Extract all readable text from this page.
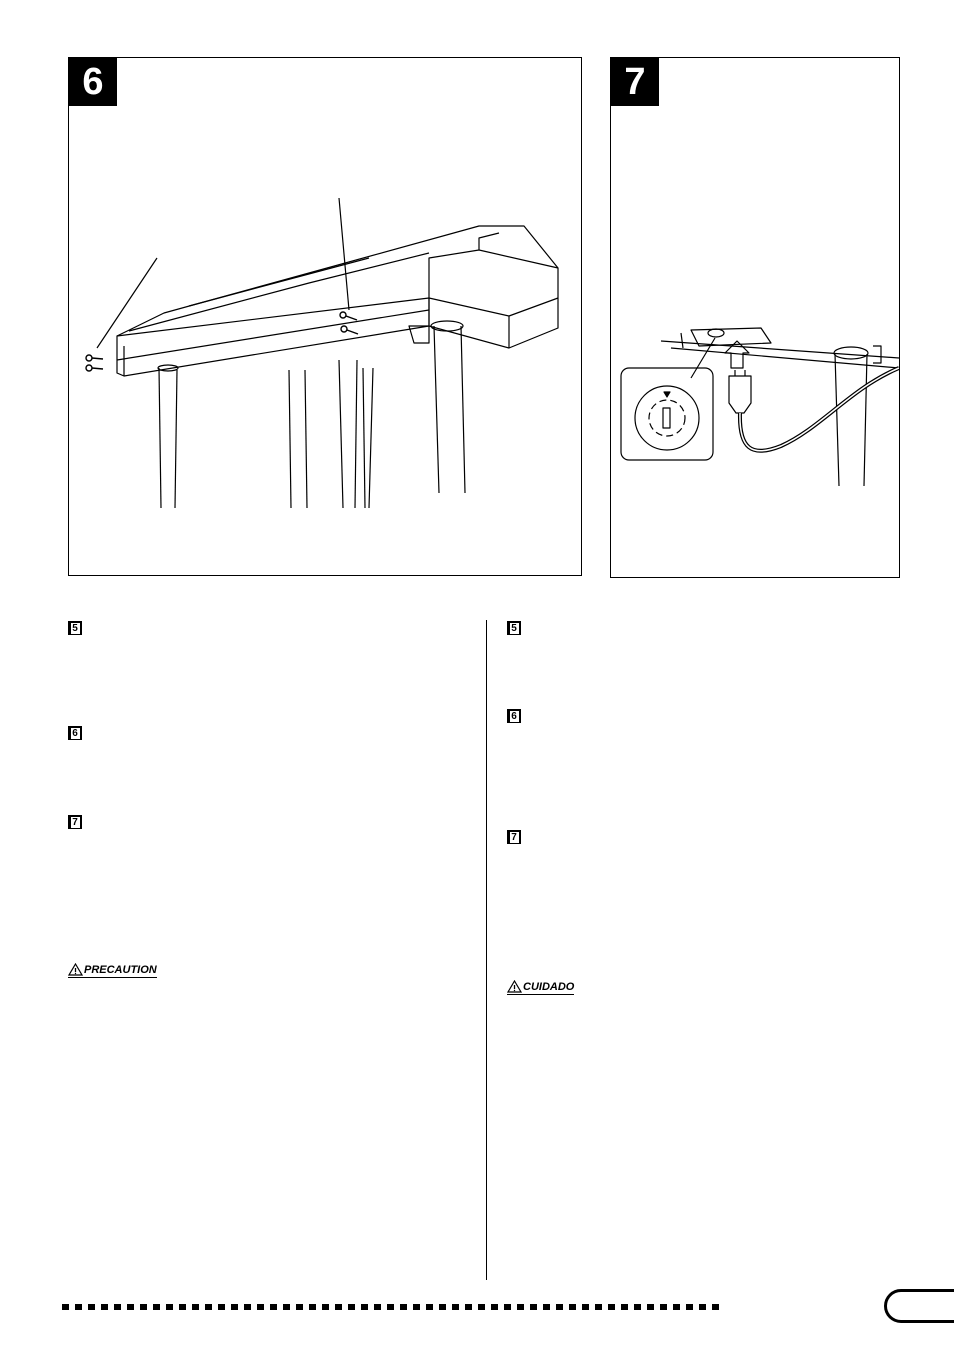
6	7
5
6
7
PRECAUTION
5
6
7
CUIDADO
